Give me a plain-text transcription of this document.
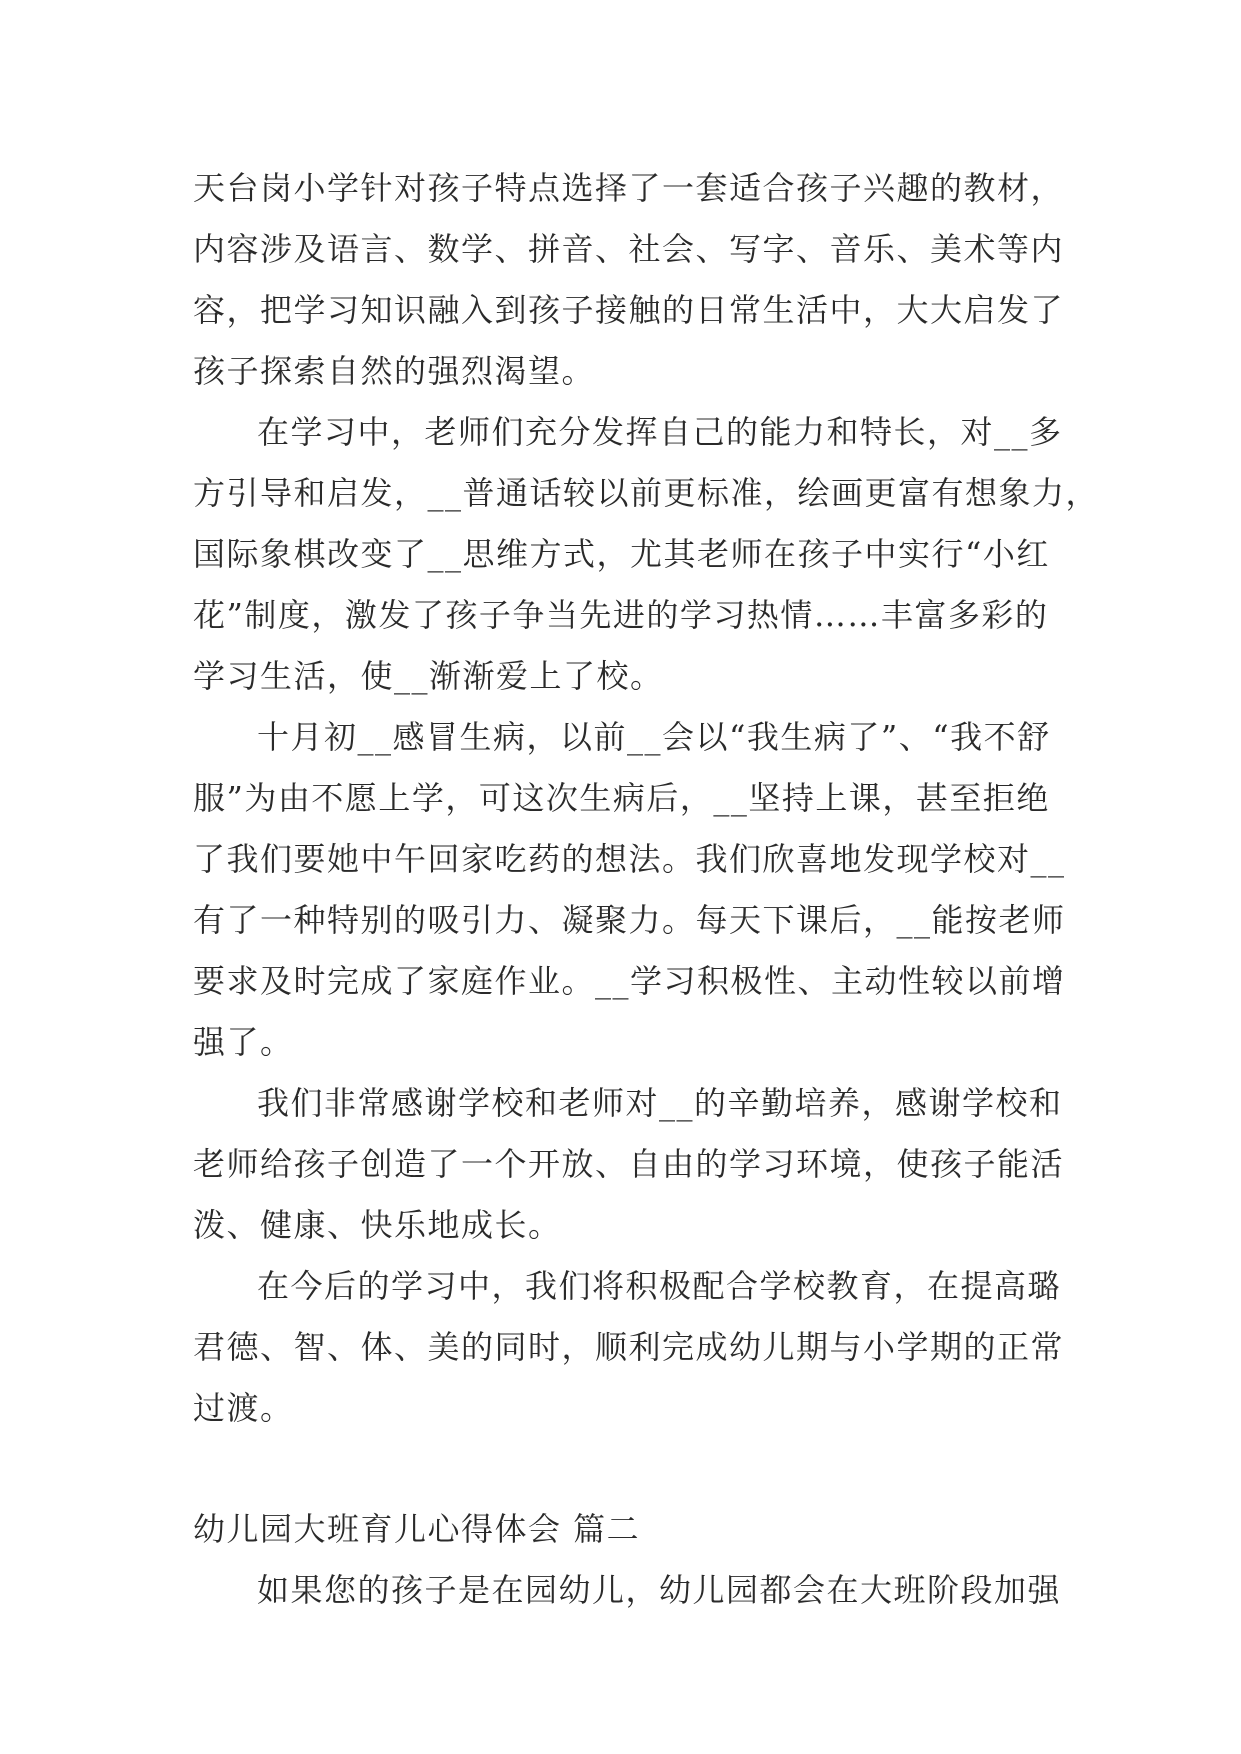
天台岗小学针对孩子特点选择了一套适合孩子兴趣的教材，
内容涉及语言、数学、拼音、社会、写字、音乐、美术等内
容，把学习知识融入到孩子接触的日常生活中，大大启发了
孩子探索自然的强烈渴望。
在学习中，老师们充分发挥自己的能力和特长，对__多
方引导和启发，__普通话较以前更标准，绘画更富有想象力，
国际象棋改变了__思维方式，尤其老师在孩子中实行“小红
花”制度，激发了孩子争当先进的学习热情……丰富多彩的
学习生活，使__渐渐爱上了校。
十月初__感冒生病，以前__会以“我生病了”、“我不舒
服”为由不愿上学，可这次生病后，__坚持上课，甚至拒绝
了我们要她中午回家吃药的想法。我们欣喜地发现学校对__
有了一种特别的吸引力、凝聚力。每天下课后，__能按老师
要求及时完成了家庭作业。__学习积极性、主动性较以前增
强了。
我们非常感谢学校和老师对__的辛勤培养，感谢学校和
老师给孩子创造了一个开放、自由的学习环境，使孩子能活
泼、健康、快乐地成长。
在今后的学习中，我们将积极配合学校教育，在提高璐
君德、智、体、美的同时，顺利完成幼儿期与小学期的正常
过渡。
幼儿园大班育儿心得体会 篇二
如果您的孩子是在园幼儿，幼儿园都会在大班阶段加强
